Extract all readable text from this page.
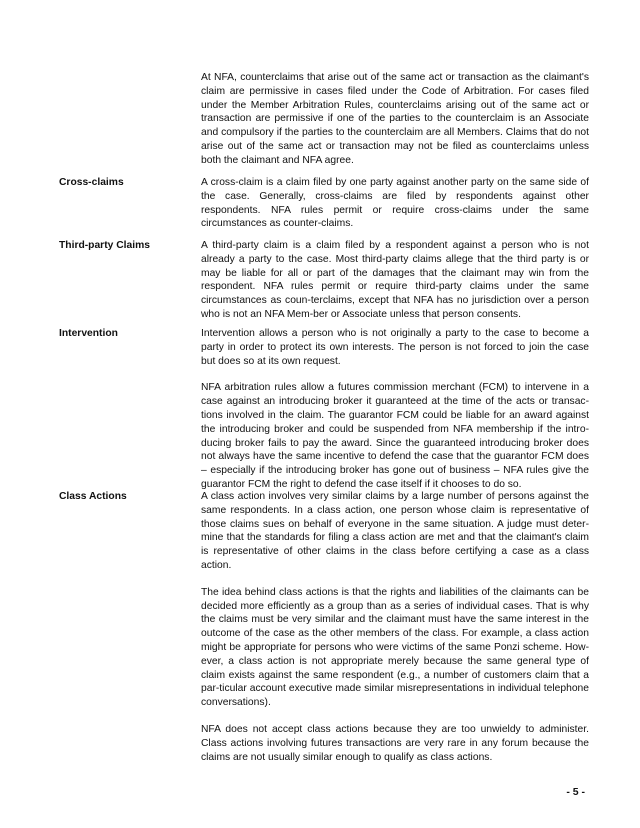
At NFA, counterclaims that arise out of the same act or transaction as the claimant's claim are permissive in cases filed under the Code of Arbitration. For cases filed under the Member Arbitration Rules, counterclaims arising out of the same act or transaction are permissive if one of the parties to the counterclaim is an Associate and compulsory if the parties to the counterclaim are all Members. Claims that do not arise out of the same act or transaction may not be filed as counterclaims unless both the claimant and NFA agree.

Cross-claims	A cross-claim is a claim filed by one party against another party on the same side of the case. Generally, cross-claims are filed by respondents against other respondents. NFA rules permit or require cross-claims under the same circumstances as counter-claims.

Third-party Claims	A third-party claim is a claim filed by a respondent against a person who is not already a party to the case. Most third-party claims allege that the third party is or may be liable for all or part of the damages that the claimant may win from the respondent. NFA rules permit or require third-party claims under the same circumstances as coun-terclaims, except that NFA has no jurisdiction over a person who is not an NFA Mem-ber or Associate unless that person consents.

Intervention	Intervention allows a person who is not originally a party to the case to become a party in order to protect its own interests. The person is not forced to join the case but does so at its own request.

NFA arbitration rules allow a futures commission merchant (FCM) to intervene in a case against an introducing broker it guaranteed at the time of the acts or transac-tions involved in the claim. The guarantor FCM could be liable for an award against the introducing broker and could be suspended from NFA membership if the intro-ducing broker fails to pay the award. Since the guaranteed introducing broker does not always have the same incentive to defend the case that the guarantor FCM does – especially if the introducing broker has gone out of business – NFA rules give the guarantor FCM the right to defend the case itself if it chooses to do so.

Class Actions	A class action involves very similar claims by a large number of persons against the same respondents. In a class action, one person whose claim is representative of those claims sues on behalf of everyone in the same situation. A judge must deter-mine that the standards for filing a class action are met and that the claimant's claim is representative of other claims in the class before certifying a case as a class action.

The idea behind class actions is that the rights and liabilities of the claimants can be decided more efficiently as a group than as a series of individual cases. That is why the claims must be very similar and the claimant must have the same interest in the outcome of the case as the other members of the class. For example, a class action might be appropriate for persons who were victims of the same Ponzi scheme. How-ever, a class action is not appropriate merely because the same general type of claim exists against the same respondent (e.g., a number of customers claim that a par-ticular account executive made similar misrepresentations in individual telephone conversations).

NFA does not accept class actions because they are too unwieldy to administer. Class actions involving futures transactions are very rare in any forum because the claims are not usually similar enough to qualify as class actions.

- 5 -
